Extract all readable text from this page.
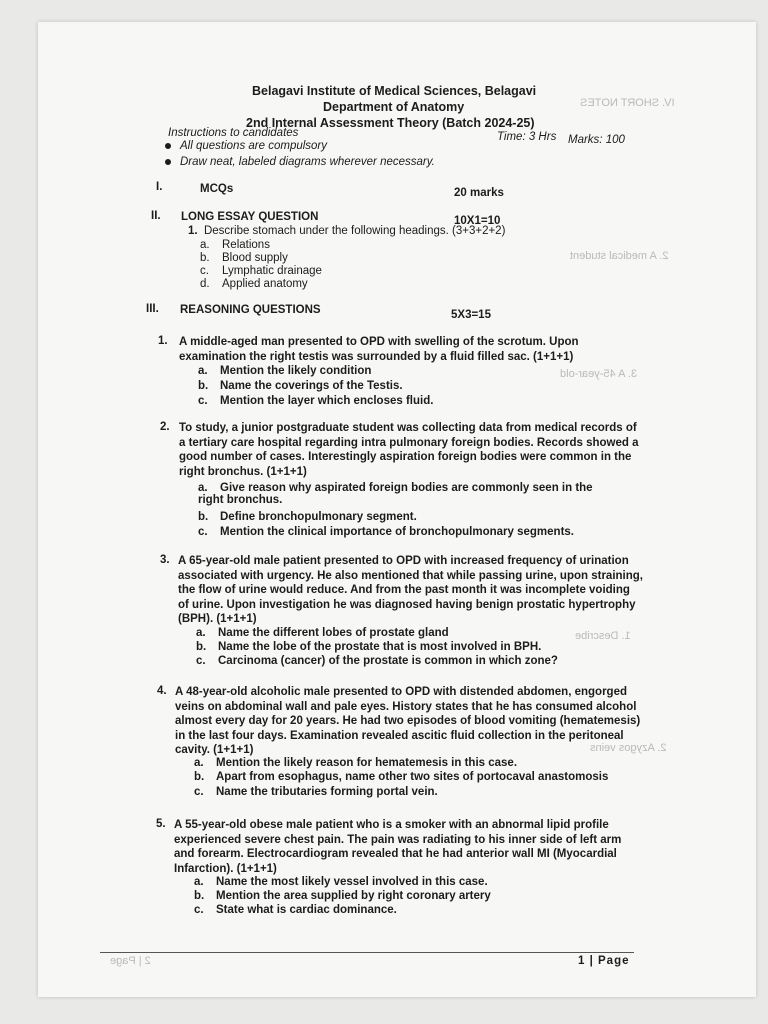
IV. SHORT NOTES
2. A medical student
3. A 45-year-old
1. Describe
2. Azygos veins
2 | Page
Belagavi Institute of Medical Sciences, Belagavi
Department of Anatomy
2nd Internal Assessment Theory (Batch 2024-25)
Instructions to candidates	Time: 3 Hrs Marks: 100
All questions are compulsory
Draw neat, labeled diagrams wherever necessary.
I.	MCQs	20 marks
II. LONG ESSAY QUESTION	10X1=10
1. Describe stomach under the following headings. (3+3+2+2)
a. Relations
b. Blood supply
c. Lymphatic drainage
d. Applied anatomy
III. REASONING QUESTIONS	5X3=15
1. A middle-aged man presented to OPD with swelling of the scrotum. Upon examination the right testis was surrounded by a fluid filled sac. (1+1+1)
a. Mention the likely condition
b. Name the coverings of the Testis.
c. Mention the layer which encloses fluid.
2. To study, a junior postgraduate student was collecting data from medical records of a tertiary care hospital regarding intra pulmonary foreign bodies. Records showed a good number of cases. Interestingly aspiration foreign bodies were common in the right bronchus. (1+1+1)
a. Give reason why aspirated foreign bodies are commonly seen in the right bronchus.
b. Define bronchopulmonary segment.
c. Mention the clinical importance of bronchopulmonary segments.
3. A 65-year-old male patient presented to OPD with increased frequency of urination associated with urgency. He also mentioned that while passing urine, upon straining, the flow of urine would reduce. And from the past month it was incomplete voiding of urine. Upon investigation he was diagnosed having benign prostatic hypertrophy (BPH). (1+1+1)
a. Name the different lobes of prostate gland
b. Name the lobe of the prostate that is most involved in BPH.
c. Carcinoma (cancer) of the prostate is common in which zone?
4. A 48-year-old alcoholic male presented to OPD with distended abdomen, engorged veins on abdominal wall and pale eyes. History states that he has consumed alcohol almost every day for 20 years. He had two episodes of blood vomiting (hematemesis) in the last four days. Examination revealed ascitic fluid collection in the peritoneal cavity. (1+1+1)
a. Mention the likely reason for hematemesis in this case.
b. Apart from esophagus, name other two sites of portocaval anastomosis
c. Name the tributaries forming portal vein.
5. A 55-year-old obese male patient who is a smoker with an abnormal lipid profile experienced severe chest pain. The pain was radiating to his inner side of left arm and forearm. Electrocardiogram revealed that he had anterior wall MI (Myocardial Infarction). (1+1+1)
a. Name the most likely vessel involved in this case.
b. Mention the area supplied by right coronary artery
c. State what is cardiac dominance.
1 | Page
